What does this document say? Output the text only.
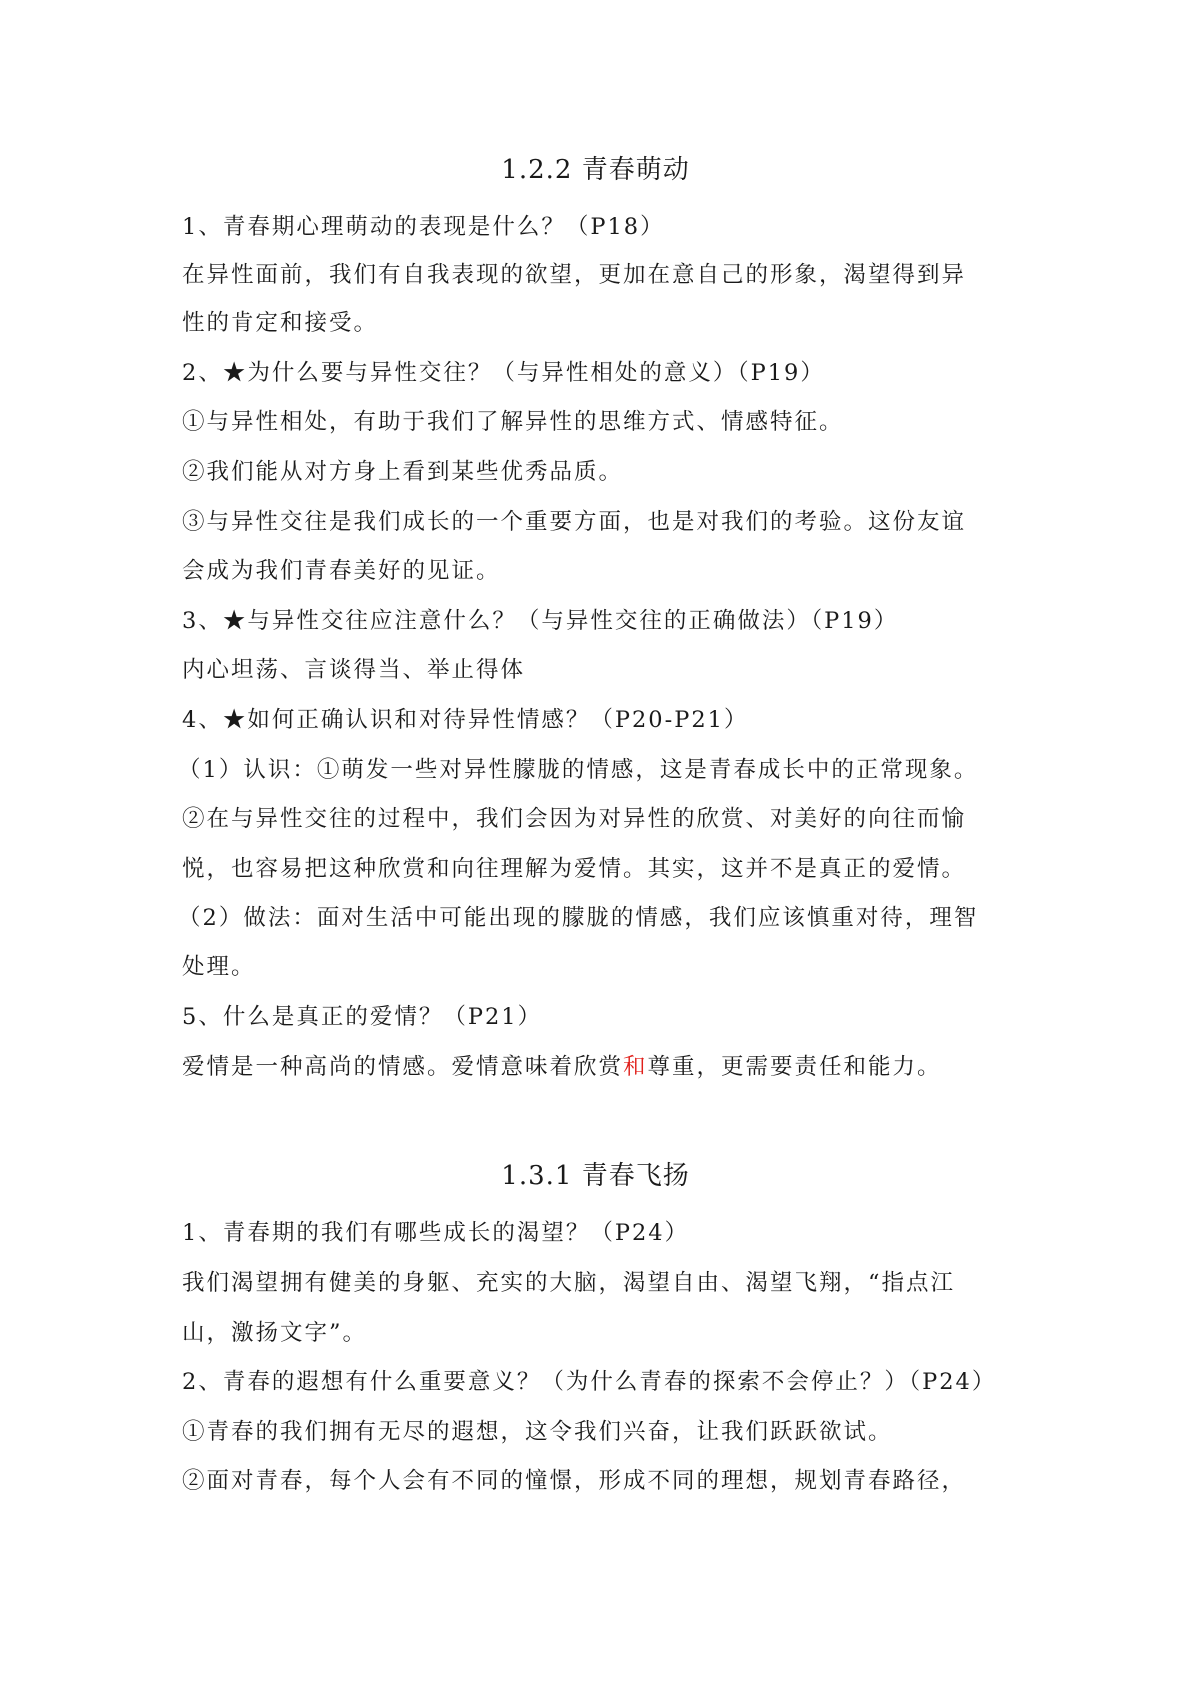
1.2.2 青春萌动
1、青春期心理萌动的表现是什么？（P18）
在异性面前，我们有自我表现的欲望，更加在意自己的形象，渴望得到异
性的肯定和接受。
2、★为什么要与异性交往？（与异性相处的意义）（P19）
①与异性相处，有助于我们了解异性的思维方式、情感特征。
②我们能从对方身上看到某些优秀品质。
③与异性交往是我们成长的一个重要方面，也是对我们的考验。这份友谊
会成为我们青春美好的见证。
3、★与异性交往应注意什么？（与异性交往的正确做法）（P19）
内心坦荡、言谈得当、举止得体
4、★如何正确认识和对待异性情感？（P20-P21）
（1）认识：①萌发一些对异性朦胧的情感，这是青春成长中的正常现象。
②在与异性交往的过程中，我们会因为对异性的欣赏、对美好的向往而愉
悦，也容易把这种欣赏和向往理解为爱情。其实，这并不是真正的爱情。
（2）做法：面对生活中可能出现的朦胧的情感，我们应该慎重对待，理智
处理。
5、什么是真正的爱情？（P21）
爱情是一种高尚的情感。爱情意味着欣赏和尊重，更需要责任和能力。
1.3.1 青春飞扬
1、青春期的我们有哪些成长的渴望？（P24）
我们渴望拥有健美的身躯、充实的大脑，渴望自由、渴望飞翔，“指点江
山，激扬文字”。
2、青春的遐想有什么重要意义？（为什么青春的探索不会停止？）（P24）
①青春的我们拥有无尽的遐想，这令我们兴奋，让我们跃跃欲试。
②面对青春，每个人会有不同的憧憬，形成不同的理想，规划青春路径，
